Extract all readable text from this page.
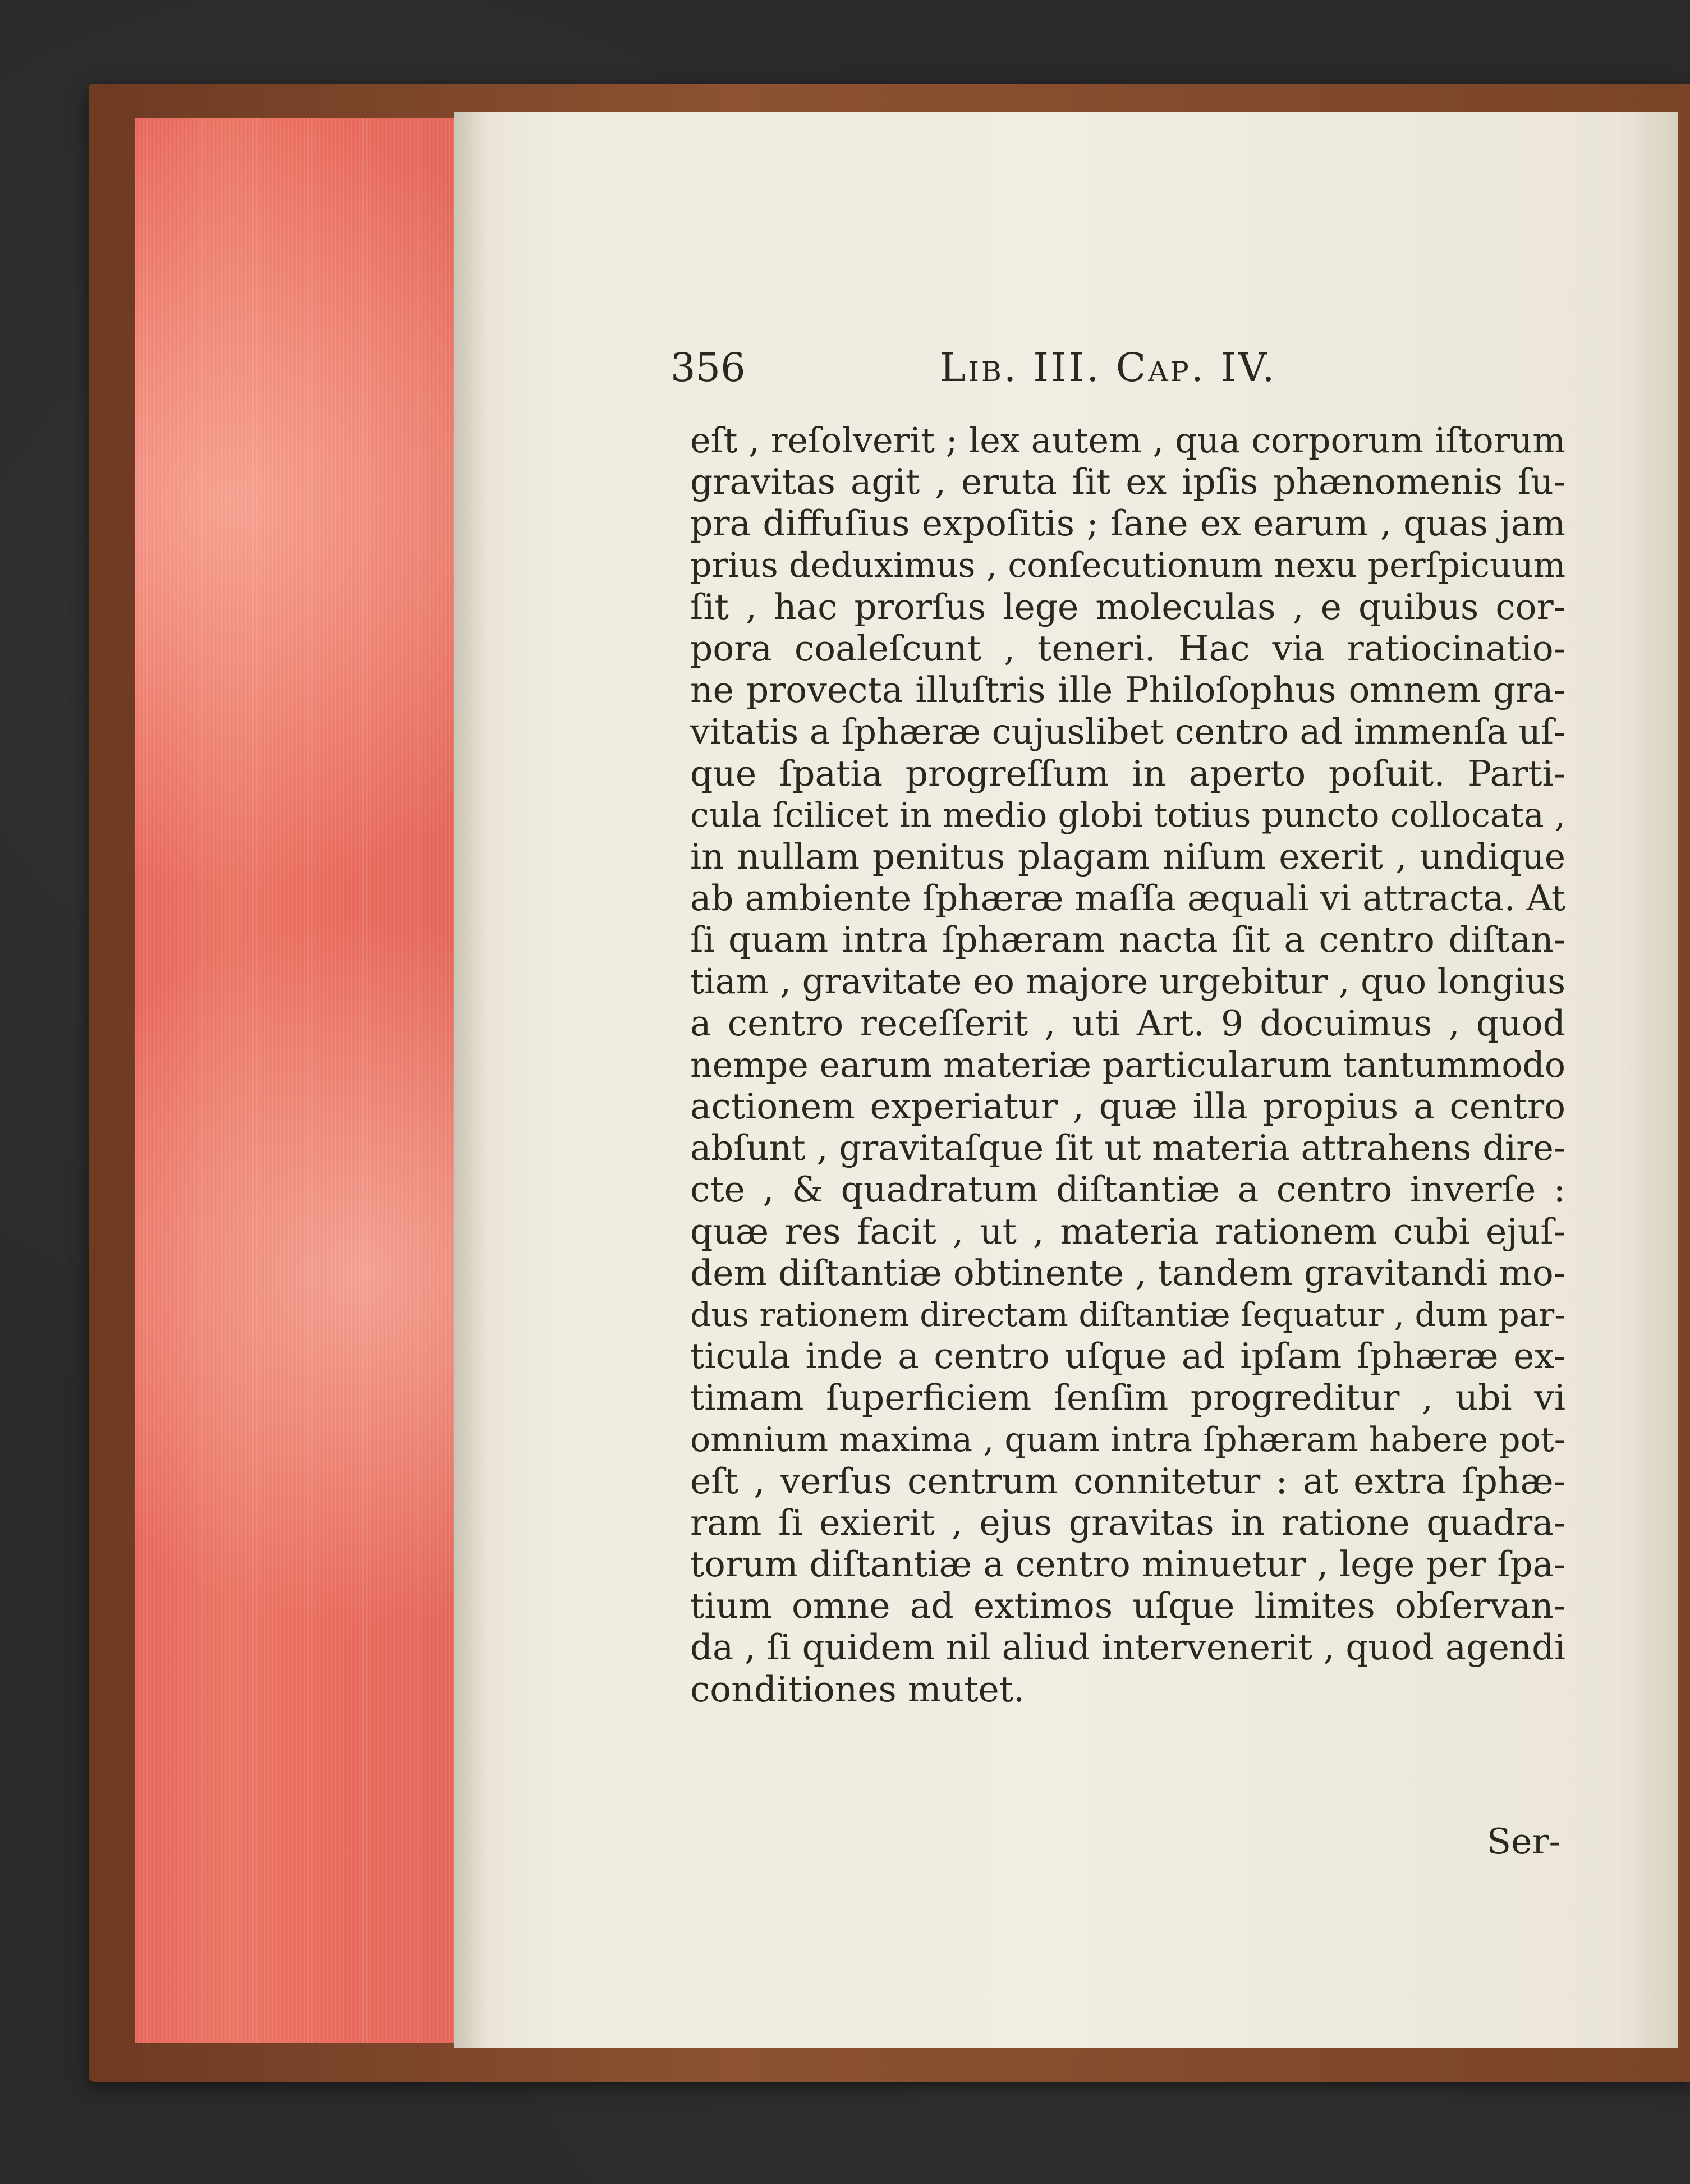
356	Lib. III. Cap. IV.
eſt , reſolverit ; lex autem , qua corporum iſtorum
gravitas agit , eruta ſit ex ipſis phænomenis ſu-
pra diffuſius expoſitis ; ſane ex earum , quas jam
prius deduximus , conſecutionum nexu perſpicuum
ſit , hac prorſus lege moleculas , e quibus cor-
pora coaleſcunt , teneri. Hac via ratiocinatio-
ne provecta illuſtris ille Philoſophus omnem gra-
vitatis a ſphæræ cujuslibet centro ad immenſa uſ-
que ſpatia progreſſum in aperto poſuit. Parti-
cula ſcilicet in medio globi totius puncto collocata ,
in nullam penitus plagam niſum exerit , undique
ab ambiente ſphæræ maſſa æquali vi attracta. At
ſi quam intra ſphæram nacta ſit a centro diſtan-
tiam , gravitate eo majore urgebitur , quo longius
a centro receſſerit , uti Art. 9 docuimus , quod
nempe earum materiæ particularum tantummodo
actionem experiatur , quæ illa propius a centro
abſunt , gravitaſque ſit ut materia attrahens dire-
cte , & quadratum diſtantiæ a centro inverſe :
quæ res facit , ut , materia rationem cubi ejuſ-
dem diſtantiæ obtinente , tandem gravitandi mo-
dus rationem directam diſtantiæ ſequatur , dum par-
ticula inde a centro uſque ad ipſam ſphæræ ex-
timam ſuperficiem ſenſim progreditur , ubi vi
omnium maxima , quam intra ſphæram habere pot-
eſt , verſus centrum connitetur : at extra ſphæ-
ram ſi exierit , ejus gravitas in ratione quadra-
torum diſtantiæ a centro minuetur , lege per ſpa-
tium omne ad extimos uſque limites obſervan-
da , ſi quidem nil aliud intervenerit , quod agendi
conditiones mutet.
Ser-
